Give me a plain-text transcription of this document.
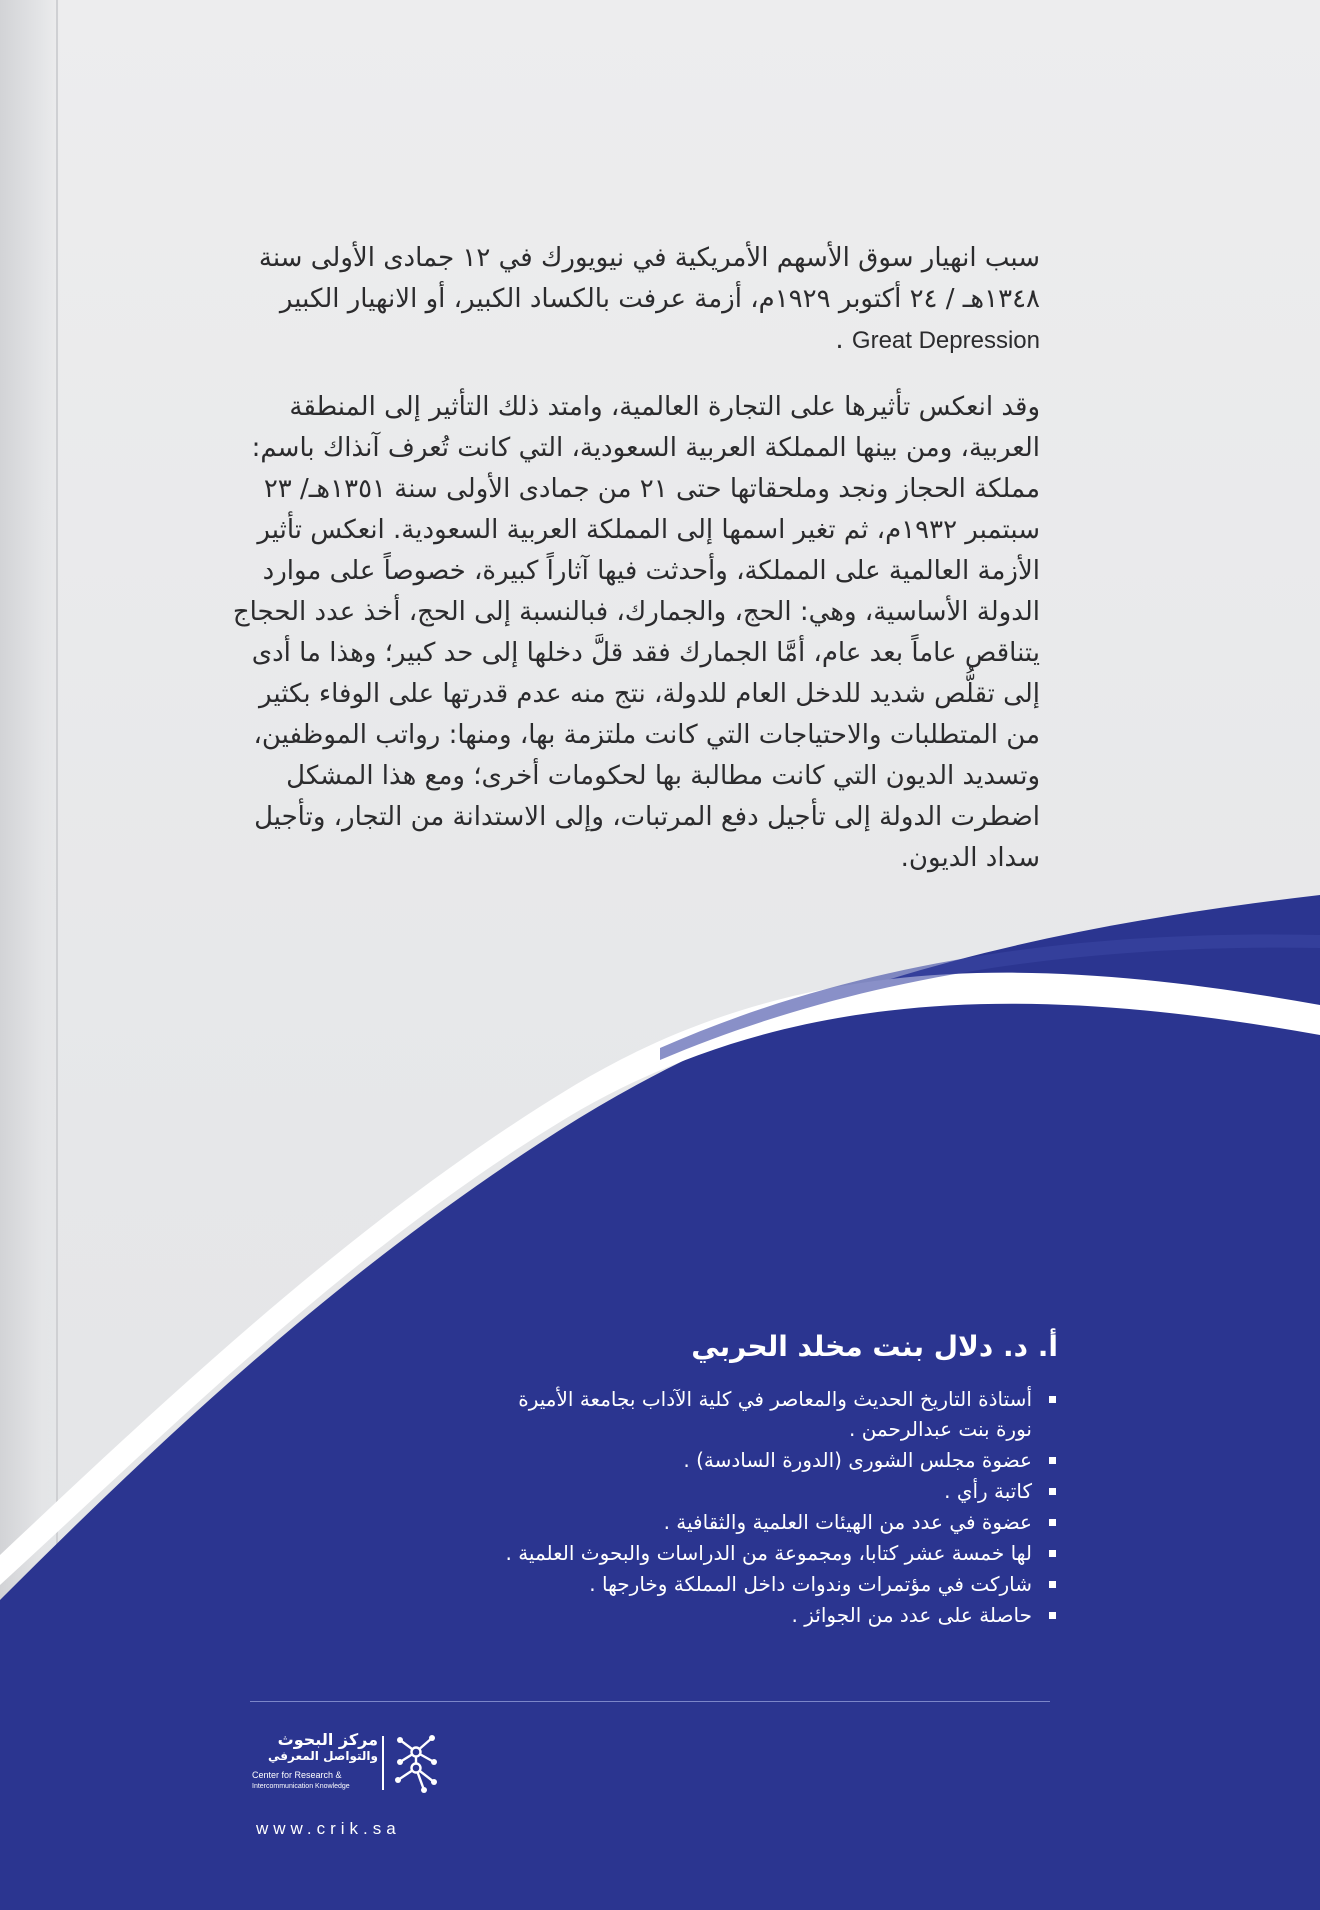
سبب انهيار سوق الأسهم الأمريكية في نيويورك في ١٢ جمادى الأولى سنة ١٣٤٨هـ / ٢٤ أكتوبر ١٩٢٩م، أزمة عرفت بالكساد الكبير، أو الانهيار الكبير Great Depression .

وقد انعكس تأثيرها على التجارة العالمية، وامتد ذلك التأثير إلى المنطقة العربية، ومن بينها المملكة العربية السعودية، التي كانت تُعرف آنذاك باسم: مملكة الحجاز ونجد وملحقاتها حتى ٢١ من جمادى الأولى سنة ١٣٥١هـ/ ٢٣ سبتمبر ١٩٣٢م، ثم تغير اسمها إلى المملكة العربية السعودية. انعكس تأثير الأزمة العالمية على المملكة، وأحدثت فيها آثاراً كبيرة، خصوصاً على موارد الدولة الأساسية، وهي: الحج، والجمارك، فبالنسبة إلى الحج، أخذ عدد الحجاج يتناقص عاماً بعد عام، أمَّا الجمارك فقد قلَّ دخلها إلى حد كبير؛ وهذا ما أدى إلى تقلُّص شديد للدخل العام للدولة، نتج منه عدم قدرتها على الوفاء بكثير من المتطلبات والاحتياجات التي كانت ملتزمة بها، ومنها: رواتب الموظفين، وتسديد الديون التي كانت مطالبة بها لحكومات أخرى؛ ومع هذا المشكل اضطرت الدولة إلى تأجيل دفع المرتبات، وإلى الاستدانة من التجار، وتأجيل سداد الديون.

أ. د. دلال بنت مخلد الحربي
أستاذة التاريخ الحديث والمعاصر في كلية الآداب بجامعة الأميرة نورة بنت عبدالرحمن .
عضوة مجلس الشورى (الدورة السادسة) .
كاتبة رأي .
عضوة في عدد من الهيئات العلمية والثقافية .
لها خمسة عشر كتابا، ومجموعة من الدراسات والبحوث العلمية .
شاركت في مؤتمرات وندوات داخل المملكة وخارجها .
حاصلة على عدد من الجوائز .
مركز البحوث
والتواصل المعرفي
Center for Research &
Intercommunication Knowledge

www.crik.sa
